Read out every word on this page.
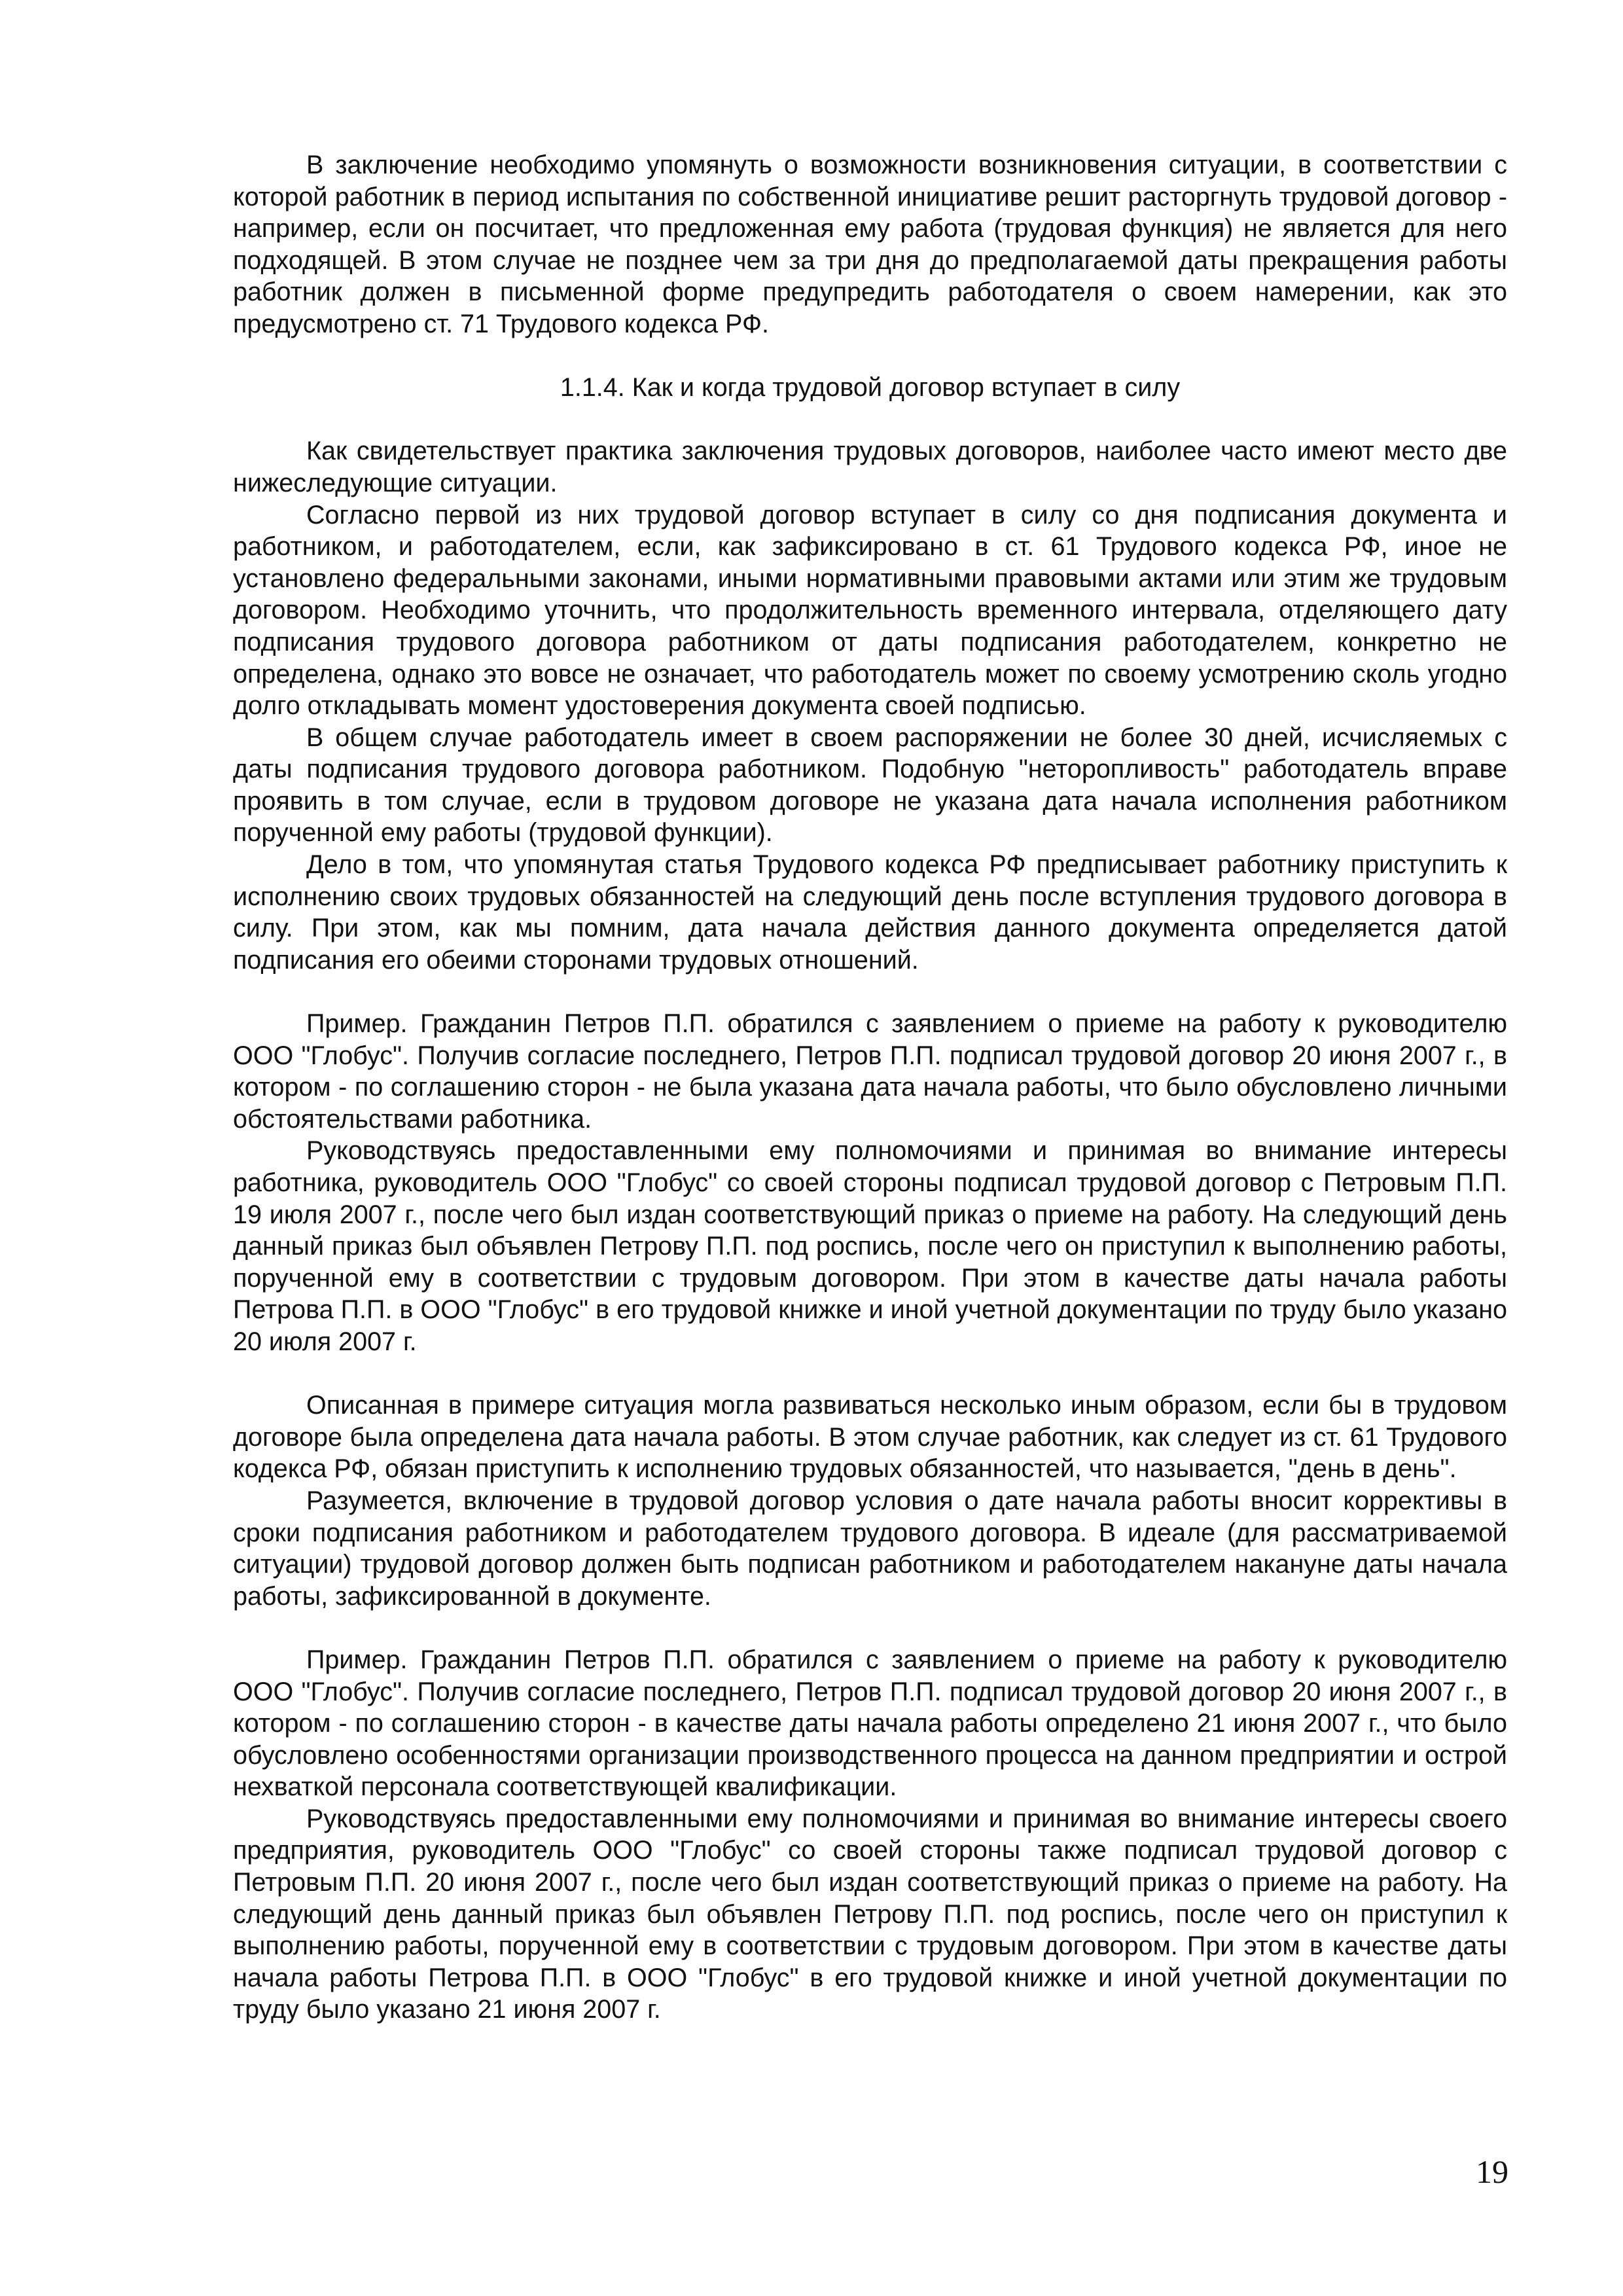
В заключение необходимо упомянуть о возможности возникновения ситуации, в соответствии с которой работник в период испытания по собственной инициативе решит расторгнуть трудовой договор - например, если он посчитает, что предложенная ему работа (трудовая функция) не является для него подходящей. В этом случае не позднее чем за три дня до предполагаемой даты прекращения работы работник должен в письменной форме предупредить работодателя о своем намерении, как это предусмотрено ст. 71 Трудового кодекса РФ.

1.1.4. Как и когда трудовой договор вступает в силу

Как свидетельствует практика заключения трудовых договоров, наиболее часто имеют место две нижеследующие ситуации.

Согласно первой из них трудовой договор вступает в силу со дня подписания документа и работником, и работодателем, если, как зафиксировано в ст. 61 Трудового кодекса РФ, иное не установлено федеральными законами, иными нормативными правовыми актами или этим же трудовым договором. Необходимо уточнить, что продолжительность временного интервала, отделяющего дату подписания трудового договора работником от даты подписания работодателем, конкретно не определена, однако это вовсе не означает, что работодатель может по своему усмотрению сколь угодно долго откладывать момент удостоверения документа своей подписью.

В общем случае работодатель имеет в своем распоряжении не более 30 дней, исчисляемых с даты подписания трудового договора работником. Подобную "неторопливость" работодатель вправе проявить в том случае, если в трудовом договоре не указана дата начала исполнения работником порученной ему работы (трудовой функции).

Дело в том, что упомянутая статья Трудового кодекса РФ предписывает работнику приступить к исполнению своих трудовых обязанностей на следующий день после вступления трудового договора в силу. При этом, как мы помним, дата начала действия данного документа определяется датой подписания его обеими сторонами трудовых отношений.

Пример. Гражданин Петров П.П. обратился с заявлением о приеме на работу к руководителю ООО "Глобус". Получив согласие последнего, Петров П.П. подписал трудовой договор 20 июня 2007 г., в котором - по соглашению сторон - не была указана дата начала работы, что было обусловлено личными обстоятельствами работника.

Руководствуясь предоставленными ему полномочиями и принимая во внимание интересы работника, руководитель ООО "Глобус" со своей стороны подписал трудовой договор с Петровым П.П. 19 июля 2007 г., после чего был издан соответствующий приказ о приеме на работу. На следующий день данный приказ был объявлен Петрову П.П. под роспись, после чего он приступил к выполнению работы, порученной ему в соответствии с трудовым договором. При этом в качестве даты начала работы Петрова П.П. в ООО "Глобус" в его трудовой книжке и иной учетной документации по труду было указано 20 июля 2007 г.

Описанная в примере ситуация могла развиваться несколько иным образом, если бы в трудовом договоре была определена дата начала работы. В этом случае работник, как следует из ст. 61 Трудового кодекса РФ, обязан приступить к исполнению трудовых обязанностей, что называется, "день в день".

Разумеется, включение в трудовой договор условия о дате начала работы вносит коррективы в сроки подписания работником и работодателем трудового договора. В идеале (для рассматриваемой ситуации) трудовой договор должен быть подписан работником и работодателем накануне даты начала работы, зафиксированной в документе.

Пример. Гражданин Петров П.П. обратился с заявлением о приеме на работу к руководителю ООО "Глобус". Получив согласие последнего, Петров П.П. подписал трудовой договор 20 июня 2007 г., в котором - по соглашению сторон - в качестве даты начала работы определено 21 июня 2007 г., что было обусловлено особенностями организации производственного процесса на данном предприятии и острой нехваткой персонала соответствующей квалификации.

Руководствуясь предоставленными ему полномочиями и принимая во внимание интересы своего предприятия, руководитель ООО "Глобус" со своей стороны также подписал трудовой договор с Петровым П.П. 20 июня 2007 г., после чего был издан соответствующий приказ о приеме на работу. На следующий день данный приказ был объявлен Петрову П.П. под роспись, после чего он приступил к выполнению работы, порученной ему в соответствии с трудовым договором. При этом в качестве даты начала работы Петрова П.П. в ООО "Глобус" в его трудовой книжке и иной учетной документации по труду было указано 21 июня 2007 г.

19
